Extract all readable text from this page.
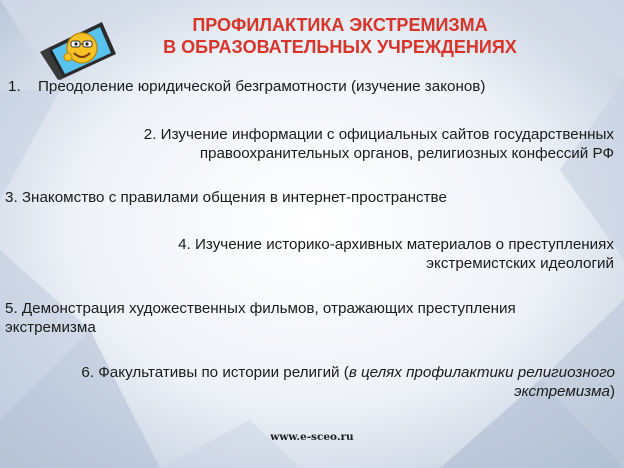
ПРОФИЛАКТИКА ЭКСТРЕМИЗМА
В ОБРАЗОВАТЕЛЬНЫХ УЧРЕЖДЕНИЯХ
1. Преодоление юридической безграмотности (изучение законов)
2. Изучение информации с официальных сайтов государственных
правоохранительных органов, религиозных конфессий РФ
3. Знакомство с правилами общения в интернет-пространстве
4. Изучение историко-архивных материалов о преступлениях
экстремистских идеологий
5. Демонстрация художественных фильмов, отражающих преступления
экстремизма
6. Факультативы по истории религий (в целях профилактики религиозного
экстремизма)
www.e-sceo.ru
